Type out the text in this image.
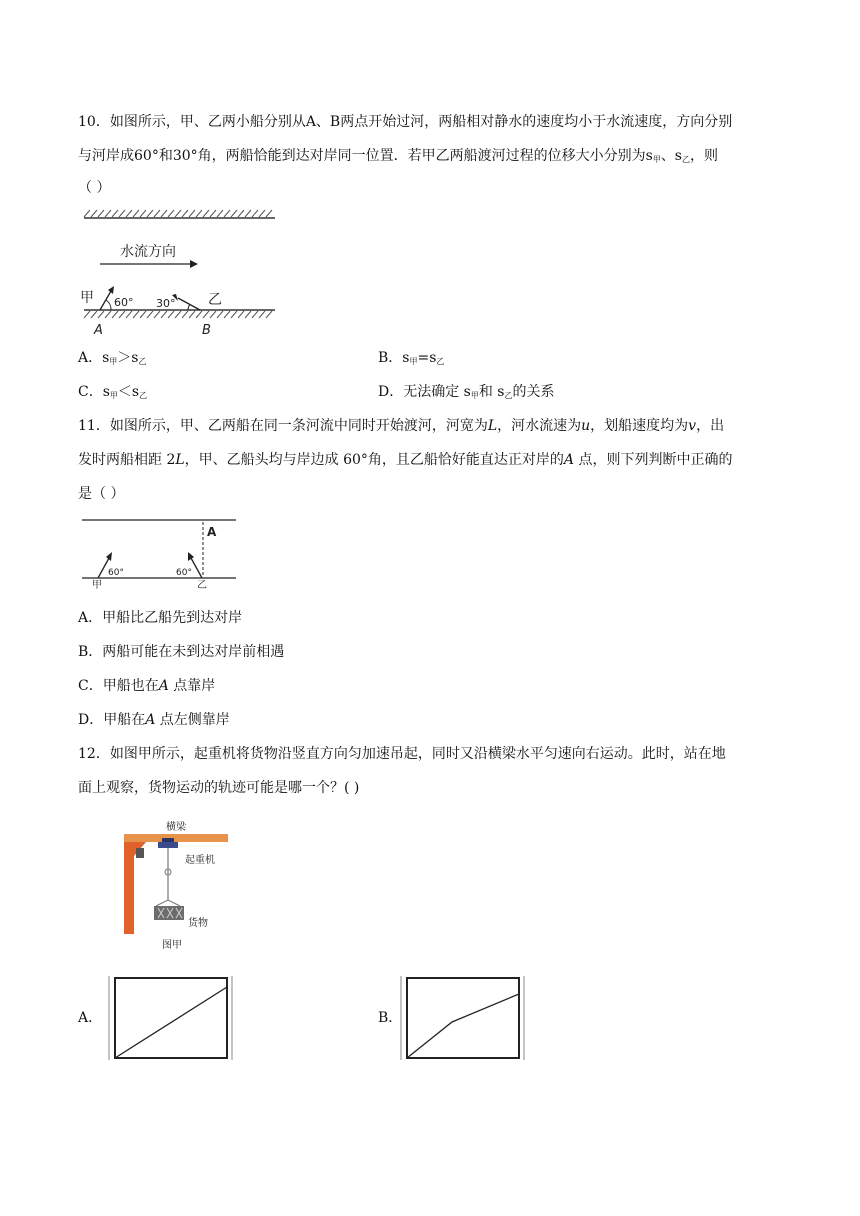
10．如图所示，甲、乙两小船分别从A、B两点开始过河，两船相对静水的速度均小于水流速度，方向分别
与河岸成60°和30°角，两船恰能到达对岸同一位置．若甲乙两船渡河过程的位移大小分别为$s_甲$、$s_乙$，则
（ ）
水流方向
甲 60° 30° 乙
A	B
A．$s_甲>s_乙$	B．$s_甲=s_乙$
C．$s_甲<s_乙$	D．无法确定 $s_甲$和 $s_乙$的关系
11．如图所示，甲、乙两船在同一条河流中同时开始渡河，河宽为L，河水流速为u，划船速度均为v，出
发时两船相距 2L，甲、乙船头均与岸边成 60°角，且乙船恰好能直达正对岸的A 点，则下列判断中正确的
是（ ）
A
60°
甲
60°
乙
A．甲船比乙船先到达对岸
B．两船可能在未到达对岸前相遇
C．甲船也在A 点靠岸
D．甲船在A 点左侧靠岸
12．如图甲所示，起重机将货物沿竖直方向匀加速吊起，同时又沿横梁水平匀速向右运动。此时，站在地
面上观察，货物运动的轨迹可能是哪一个？( )
横梁
起重机
货物
图甲
A．	B．
